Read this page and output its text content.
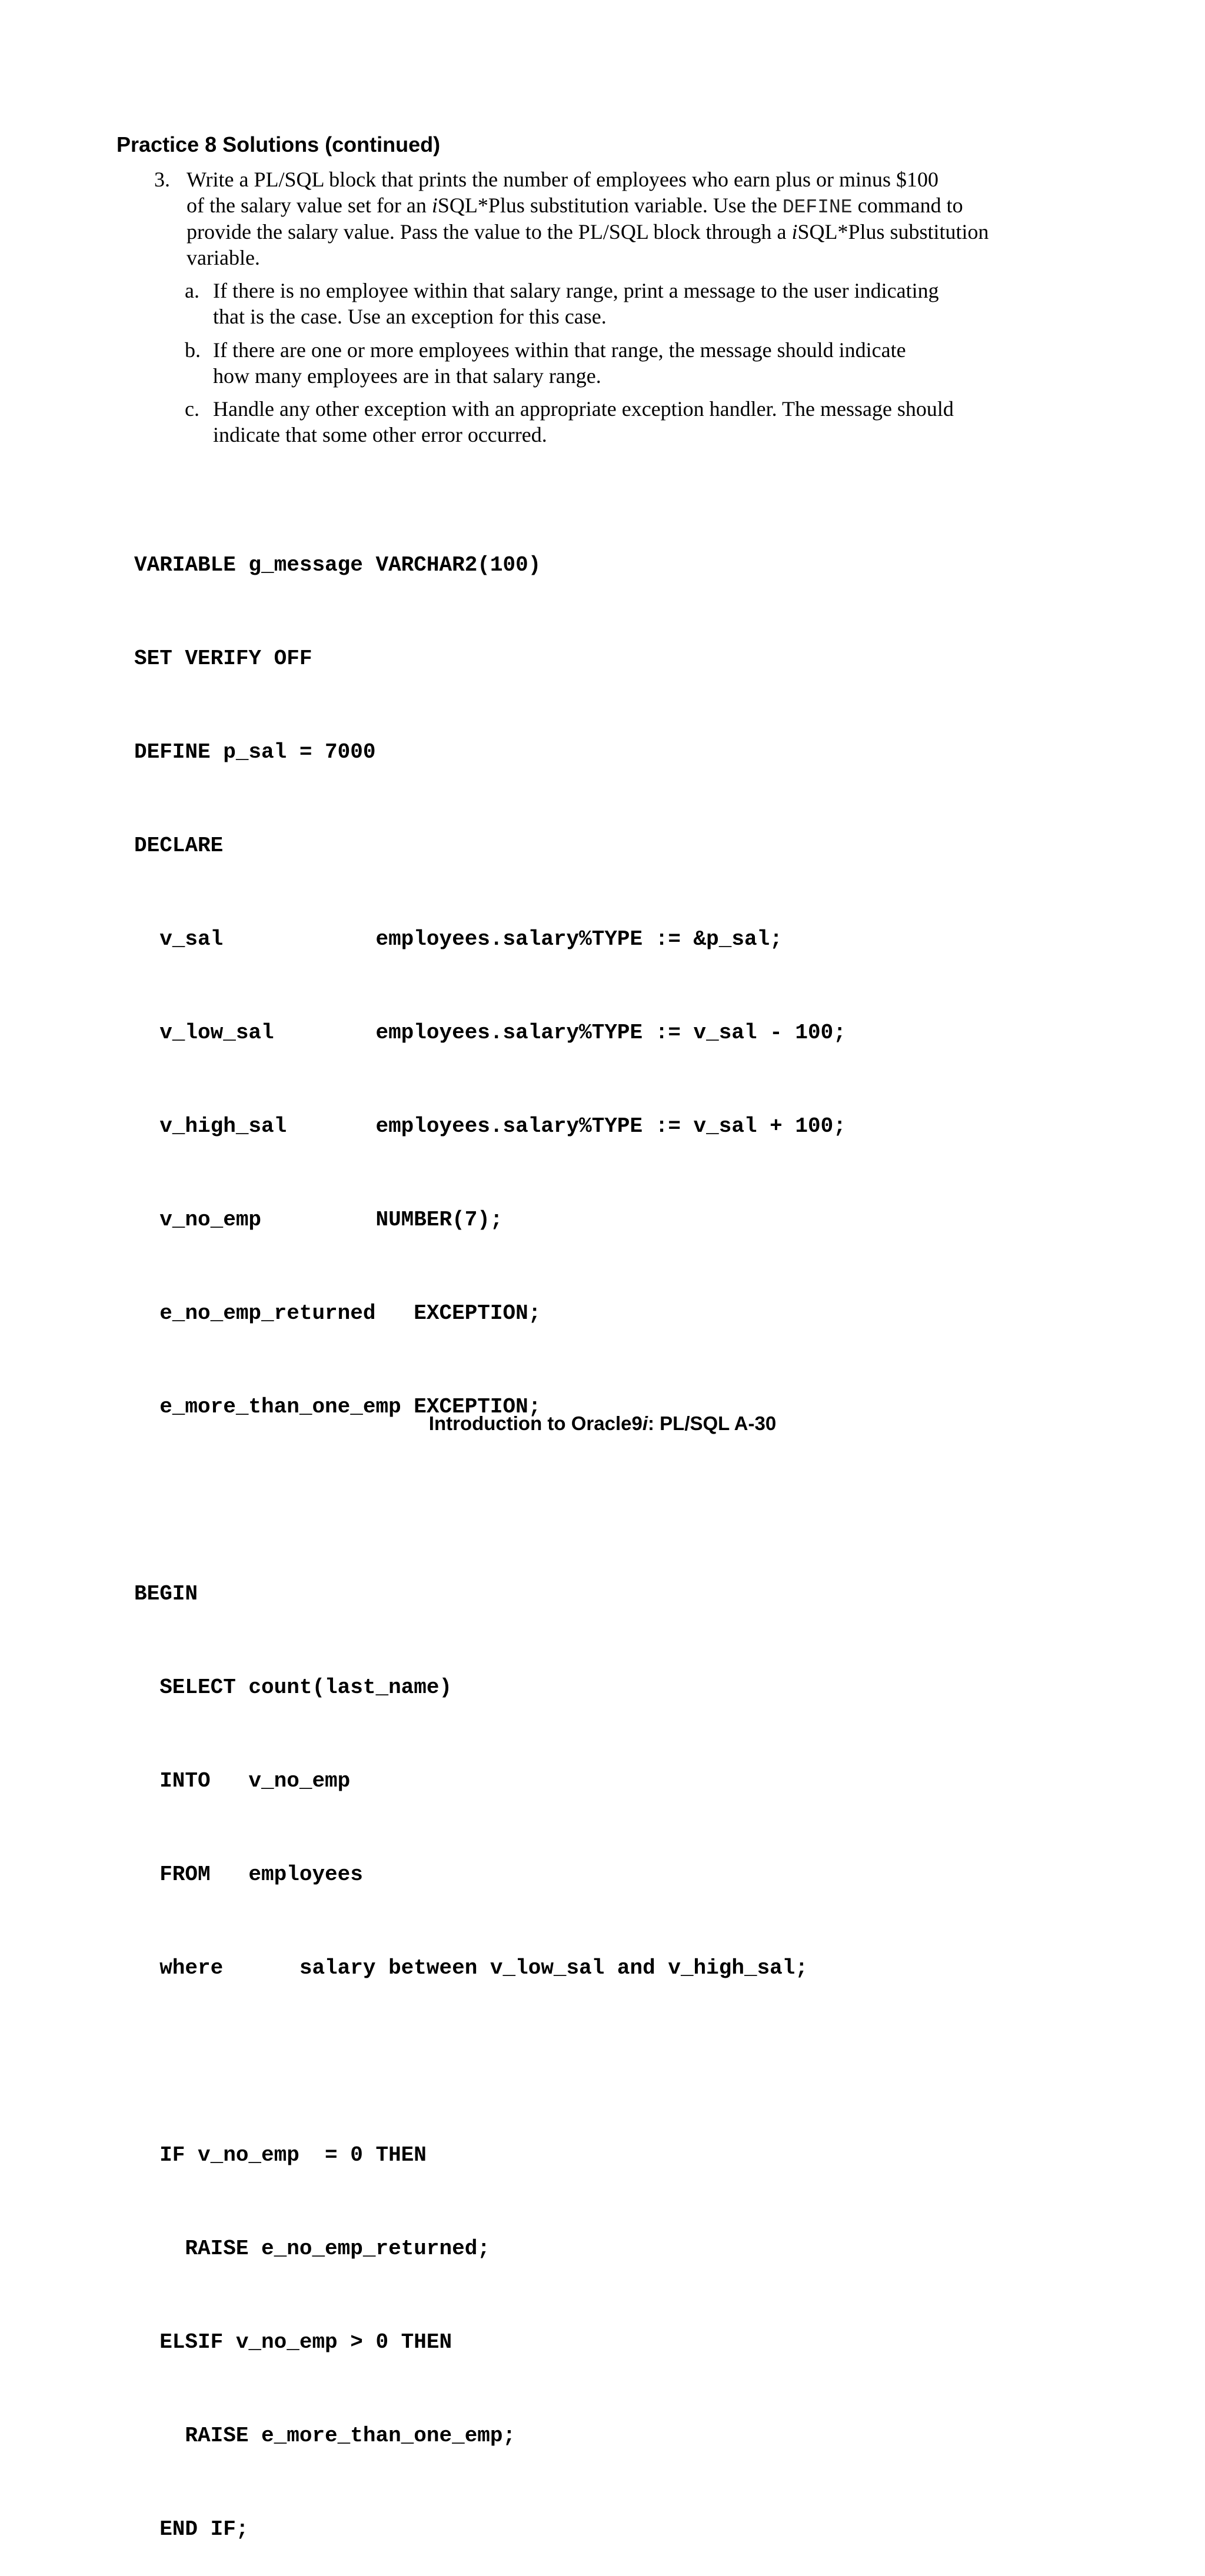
Practice 8 Solutions (continued)
3. Write a PL/SQL block that prints the number of employees who earn plus or minus $100
of the salary value set for an iSQL*Plus substitution variable. Use the DEFINE command to
provide the salary value. Pass the value to the PL/SQL block through a iSQL*Plus substitution
variable.
a. If there is no employee within that salary range, print a message to the user indicating
that is the case. Use an exception for this case.
b. If there are one or more employees within that range, the message should indicate
how many employees are in that salary range.
c. Handle any other exception with an appropriate exception handler. The message should
indicate that some other error occurred.

VARIABLE g_message VARCHAR2(100)

SET VERIFY OFF

DEFINE p_sal = 7000

DECLARE

v_sal            employees.salary%TYPE := &p_sal;

v_low_sal        employees.salary%TYPE := v_sal - 100;

v_high_sal       employees.salary%TYPE := v_sal + 100;

v_no_emp         NUMBER(7);

e_no_emp_returned   EXCEPTION;

e_more_than_one_emp EXCEPTION;

BEGIN

SELECT count(last_name)

INTO   v_no_emp

FROM   employees

where      salary between v_low_sal and v_high_sal;

IF v_no_emp  = 0 THEN

RAISE e_no_emp_returned;

ELSIF v_no_emp > 0 THEN

RAISE e_more_than_one_emp;

END IF;

Introduction to Oracle9i: PL/SQL A-30
